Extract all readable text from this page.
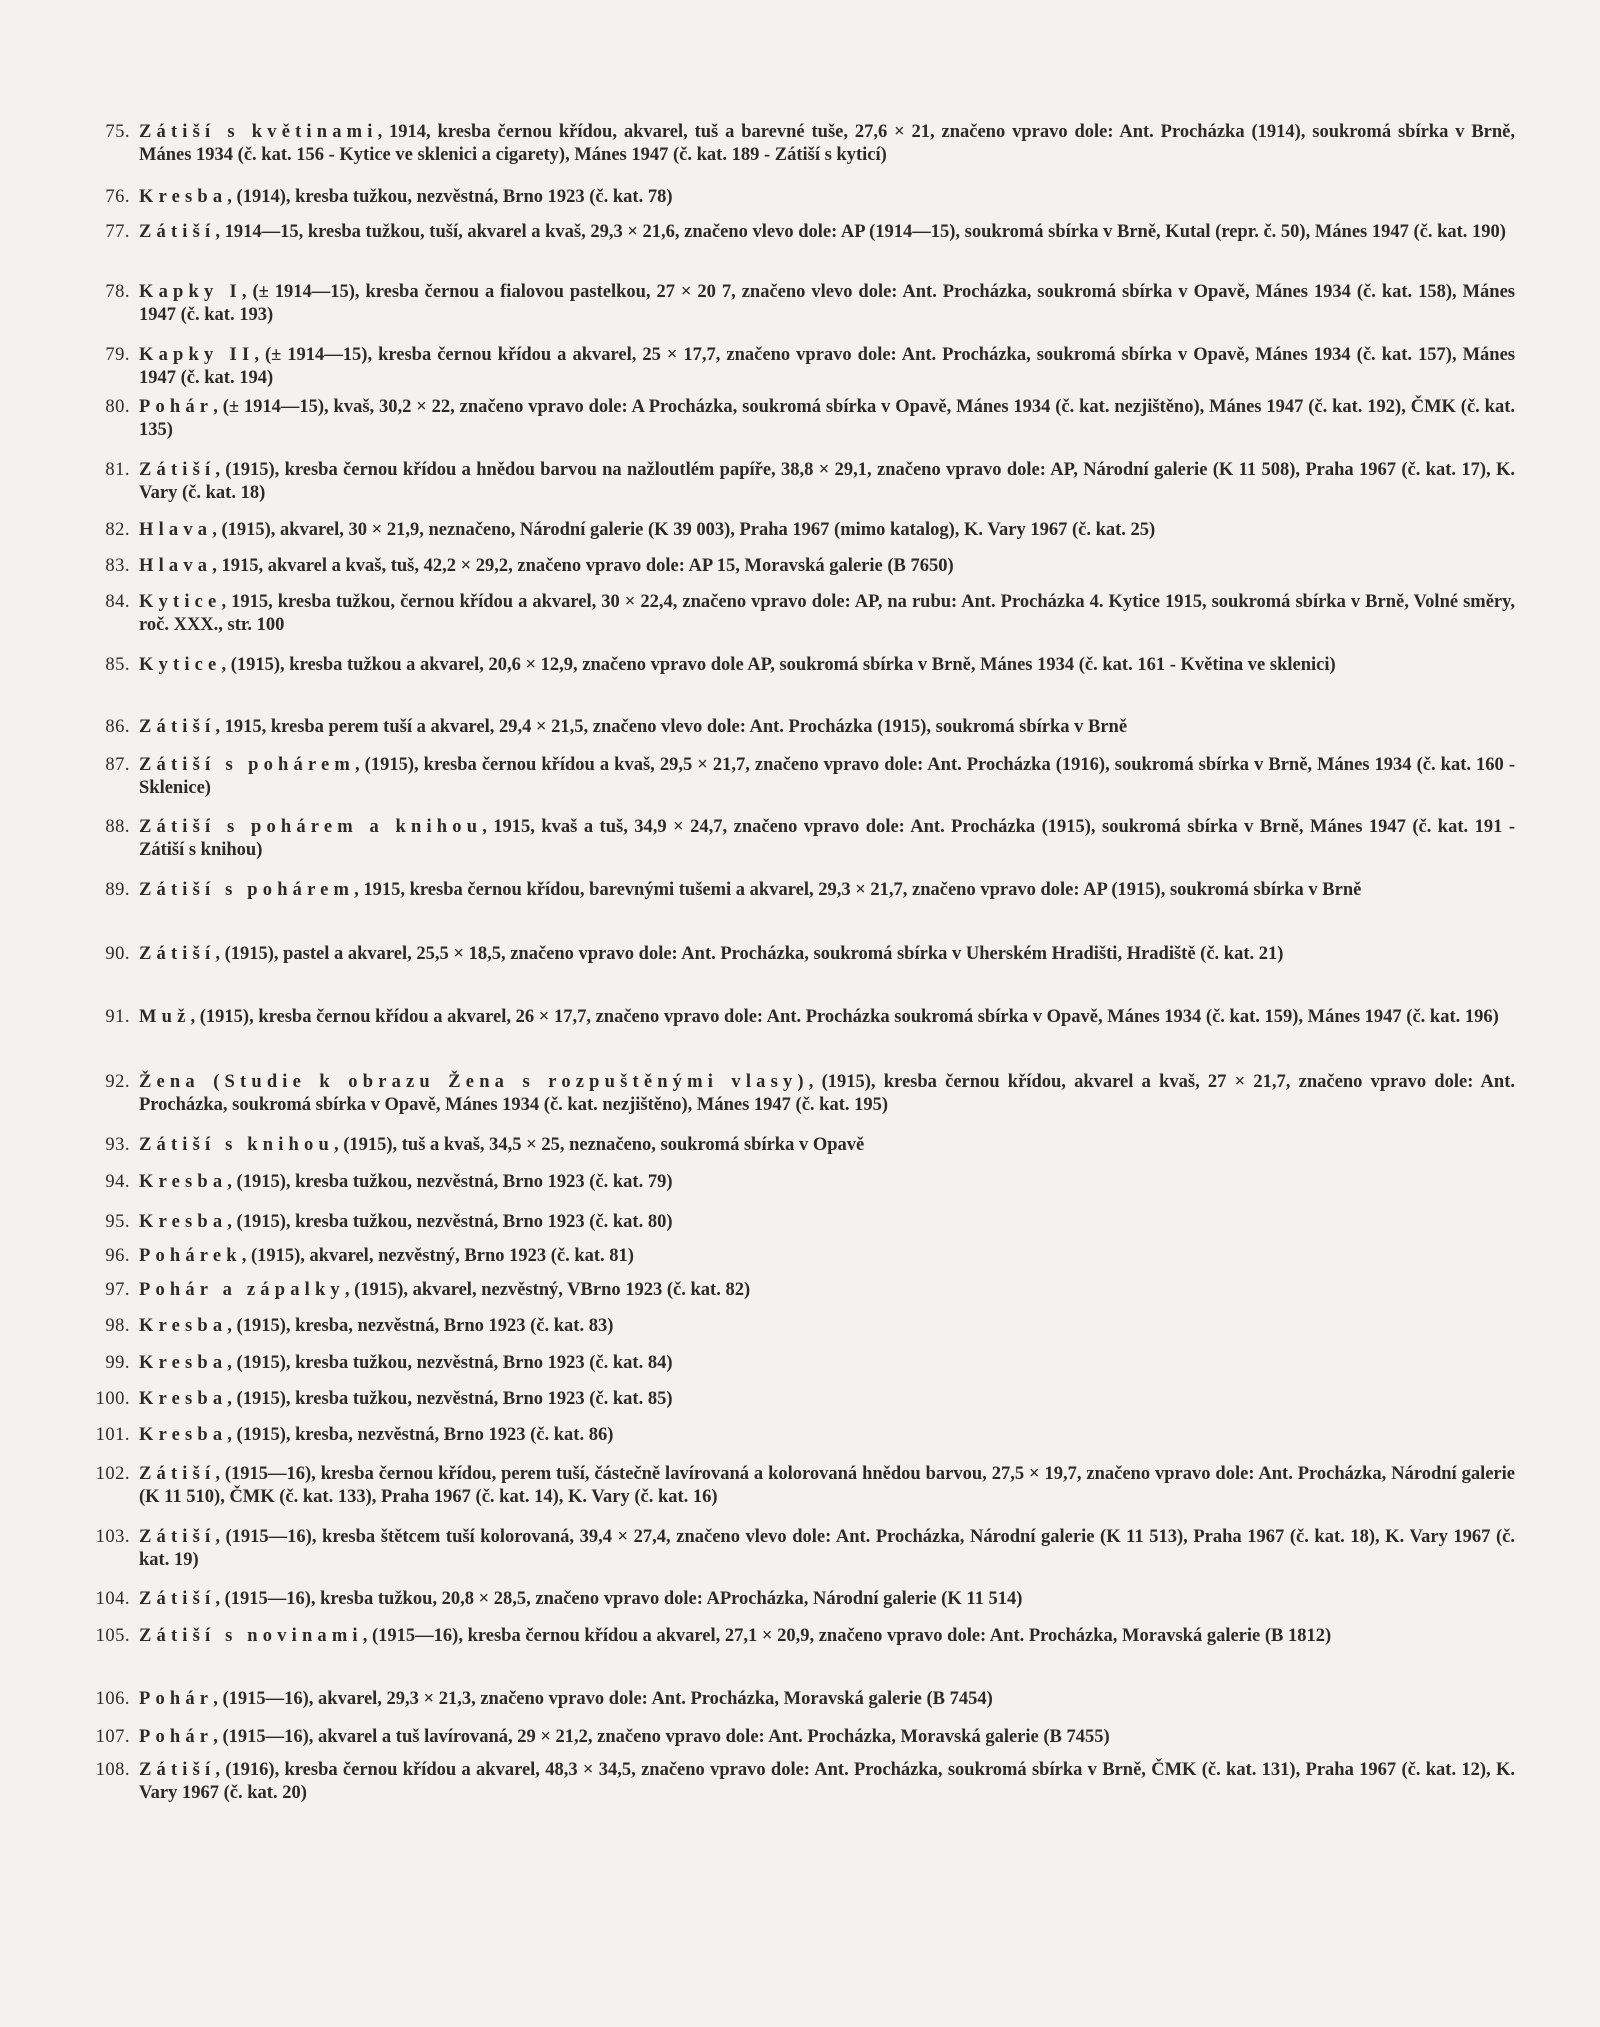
75. Zátiší s květinami, 1914, kresba černou křídou, akvarel, tuš a barevné tuše, 27,6 × 21, značeno vpravo dole: Ant. Procházka (1914), soukromá sbírka v Brně, Mánes 1934 (č. kat. 156 - Kytice ve sklenici a cigarety), Mánes 1947 (č. kat. 189 - Zátiší s kyticí)
76. Kresba, (1914), kresba tužkou, nezvěstná, Brno 1923 (č. kat. 78)
77. Zátiší, 1914—15, kresba tužkou, tuší, akvarel a kvaš, 29,3 × 21,6, značeno vlevo dole: AP (1914—15), soukromá sbírka v Brně, Kutal (repr. č. 50), Mánes 1947 (č. kat. 190)
78. Kapky I, (± 1914—15), kresba černou a fialovou pastelkou, 27 × 20 7, značeno vlevo dole: Ant. Procházka, soukromá sbírka v Opavě, Mánes 1934 (č. kat. 158), Mánes 1947 (č. kat. 193)
79. Kapky II, (± 1914—15), kresba černou křídou a akvarel, 25 × 17,7, značeno vpravo dole: Ant. Procházka, soukromá sbírka v Opavě, Mánes 1934 (č. kat. 157), Mánes 1947 (č. kat. 194)
80. Pohár, (± 1914—15), kvaš, 30,2 × 22, značeno vpravo dole: A Procházka, soukromá sbírka v Opavě, Mánes 1934 (č. kat. nezjištěno), Mánes 1947 (č. kat. 192), ČMK (č. kat. 135)
81. Zátiší, (1915), kresba černou křídou a hnědou barvou na nažloutlém papíře, 38,8 × 29,1, značeno vpravo dole: AP, Národní galerie (K 11 508), Praha 1967 (č. kat. 17), K. Vary (č. kat. 18)
82. Hlava, (1915), akvarel, 30 × 21,9, neznačeno, Národní galerie (K 39 003), Praha 1967 (mimo katalog), K. Vary 1967 (č. kat. 25)
83. Hlava, 1915, akvarel a kvaš, tuš, 42,2 × 29,2, značeno vpravo dole: AP 15, Moravská galerie (B 7650)
84. Kytice, 1915, kresba tužkou, černou křídou a akvarel, 30 × 22,4, značeno vpravo dole: AP, na rubu: Ant. Procházka 4. Kytice 1915, soukromá sbírka v Brně, Volné směry, roč. XXX., str. 100
85. Kytice, (1915), kresba tužkou a akvarel, 20,6 × 12,9, značeno vpravo dole AP, soukromá sbírka v Brně, Mánes 1934 (č. kat. 161 - Květina ve sklenici)
86. Zátiší, 1915, kresba perem tuší a akvarel, 29,4 × 21,5, značeno vlevo dole: Ant. Procházka (1915), soukromá sbírka v Brně
87. Zátiší s pohárem, (1915), kresba černou křídou a kvaš, 29,5 × 21,7, značeno vpravo dole: Ant. Procházka (1916), soukromá sbírka v Brně, Mánes 1934 (č. kat. 160 - Sklenice)
88. Zátiší s pohárem a knihou, 1915, kvaš a tuš, 34,9 × 24,7, značeno vpravo dole: Ant. Procházka (1915), soukromá sbírka v Brně, Mánes 1947 (č. kat. 191 - Zátiší s knihou)
89. Zátiší s pohárem, 1915, kresba černou křídou, barevnými tušemi a akvarel, 29,3 × 21,7, značeno vpravo dole: AP (1915), soukromá sbírka v Brně
90. Zátiší, (1915), pastel a akvarel, 25,5 × 18,5, značeno vpravo dole: Ant. Procházka, soukromá sbírka v Uherském Hradišti, Hradiště (č. kat. 21)
91. Muž, (1915), kresba černou křídou a akvarel, 26 × 17,7, značeno vpravo dole: Ant. Procházka soukromá sbírka v Opavě, Mánes 1934 (č. kat. 159), Mánes 1947 (č. kat. 196)
92. Žena (Studie k obrazu Žena s rozpuštěnými vlasy), (1915), kresba černou křídou, akvarel a kvaš, 27 × 21,7, značeno vpravo dole: Ant. Procházka, soukromá sbírka v Opavě, Mánes 1934 (č. kat. nezjištěno), Mánes 1947 (č. kat. 195)
93. Zátiší s knihou, (1915), tuš a kvaš, 34,5 × 25, neznačeno, soukromá sbírka v Opavě
94. Kresba, (1915), kresba tužkou, nezvěstná, Brno 1923 (č. kat. 79)
95. Kresba, (1915), kresba tužkou, nezvěstná, Brno 1923 (č. kat. 80)
96. Pohárek, (1915), akvarel, nezvěstný, Brno 1923 (č. kat. 81)
97. Pohár a zápalky, (1915), akvarel, nezvěstný, VBrno 1923 (č. kat. 82)
98. Kresba, (1915), kresba, nezvěstná, Brno 1923 (č. kat. 83)
99. Kresba, (1915), kresba tužkou, nezvěstná, Brno 1923 (č. kat. 84)
100. Kresba, (1915), kresba tužkou, nezvěstná, Brno 1923 (č. kat. 85)
101. Kresba, (1915), kresba, nezvěstná, Brno 1923 (č. kat. 86)
102. Zátiší, (1915—16), kresba černou křídou, perem tuší, částečně lavírovaná a kolorovaná hnědou barvou, 27,5 × 19,7, značeno vpravo dole: Ant. Procházka, Národní galerie (K 11 510), ČMK (č. kat. 133), Praha 1967 (č. kat. 14), K. Vary (č. kat. 16)
103. Zátiší, (1915—16), kresba štětcem tuší kolorovaná, 39,4 × 27,4, značeno vlevo dole: Ant. Procházka, Národní galerie (K 11 513), Praha 1967 (č. kat. 18), K. Vary 1967 (č. kat. 19)
104. Zátiší, (1915—16), kresba tužkou, 20,8 × 28,5, značeno vpravo dole: AProcházka, Národní galerie (K 11 514)
105. Zátiší s novinami, (1915—16), kresba černou křídou a akvarel, 27,1 × 20,9, značeno vpravo dole: Ant. Procházka, Moravská galerie (B 1812)
106. Pohár, (1915—16), akvarel, 29,3 × 21,3, značeno vpravo dole: Ant. Procházka, Moravská galerie (B 7454)
107. Pohár, (1915—16), akvarel a tuš lavírovaná, 29 × 21,2, značeno vpravo dole: Ant. Procházka, Moravská galerie (B 7455)
108. Zátiší, (1916), kresba černou křídou a akvarel, 48,3 × 34,5, značeno vpravo dole: Ant. Procházka, soukromá sbírka v Brně, ČMK (č. kat. 131), Praha 1967 (č. kat. 12), K. Vary 1967 (č. kat. 20)
